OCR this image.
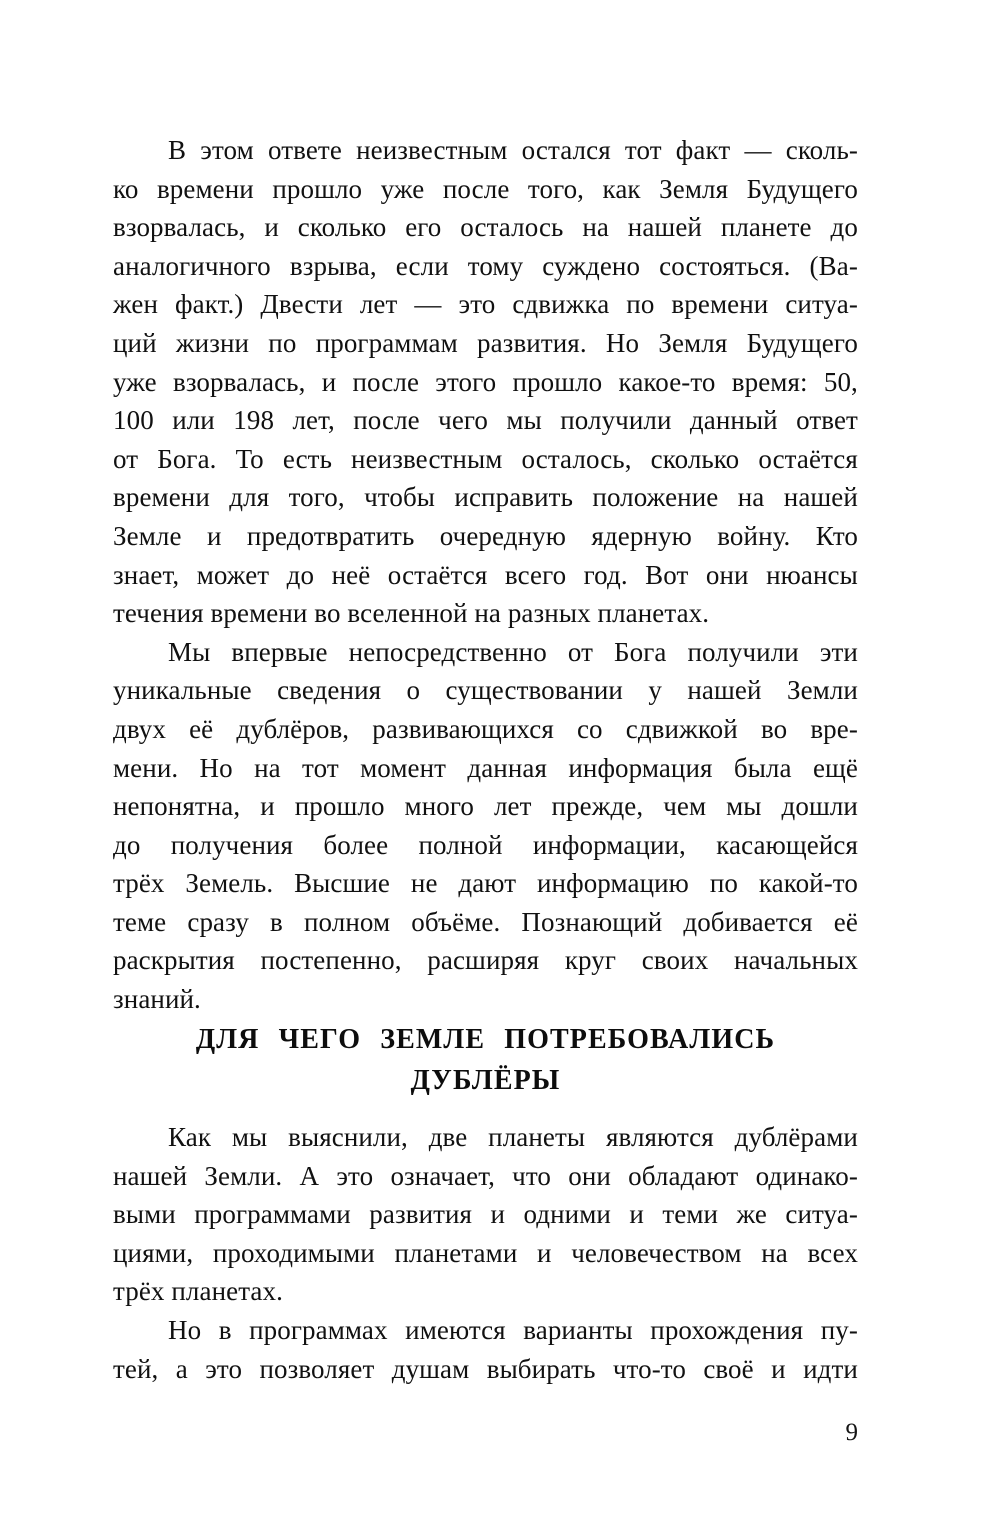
В этом ответе неизвестным остался тот факт — сколь-
ко времени прошло уже после того, как Земля Будущего
взорвалась, и сколько его осталось на нашей планете до
аналогичного взрыва, если тому суждено состояться. (Ва-
жен факт.) Двести лет — это сдвижка по времени ситуа-
ций жизни по программам развития. Но Земля Будущего
уже взорвалась, и после этого прошло какое-то время: 50,
100 или 198 лет, после чего мы получили данный ответ
от Бога. То есть неизвестным осталось, сколько остаётся
времени для того, чтобы исправить положение на нашей
Земле и предотвратить очередную ядерную войну. Кто
знает, может до неё остаётся всего год. Вот они нюансы
течения времени во вселенной на разных планетах.
Мы впервые непосредственно от Бога получили эти
уникальные сведения о существовании у нашей Земли
двух её дублёров, развивающихся со сдвижкой во вре-
мени. Но на тот момент данная информация была ещё
непонятна, и прошло много лет прежде, чем мы дошли
до получения более полной информации, касающейся
трёх Земель. Высшие не дают информацию по какой-то
теме сразу в полном объёме. Познающий добивается её
раскрытия постепенно, расширяя круг своих начальных
знаний.
ДЛЯ ЧЕГО ЗЕМЛЕ ПОТРЕБОВАЛИСЬ
ДУБЛЁРЫ
Как мы выяснили, две планеты являются дублёрами
нашей Земли. А это означает, что они обладают одинако-
выми программами развития и одними и теми же ситуа-
циями, проходимыми планетами и человечеством на всех
трёх планетах.
Но в программах имеются варианты прохождения пу-
тей, а это позволяет душам выбирать что-то своё и идти
9
